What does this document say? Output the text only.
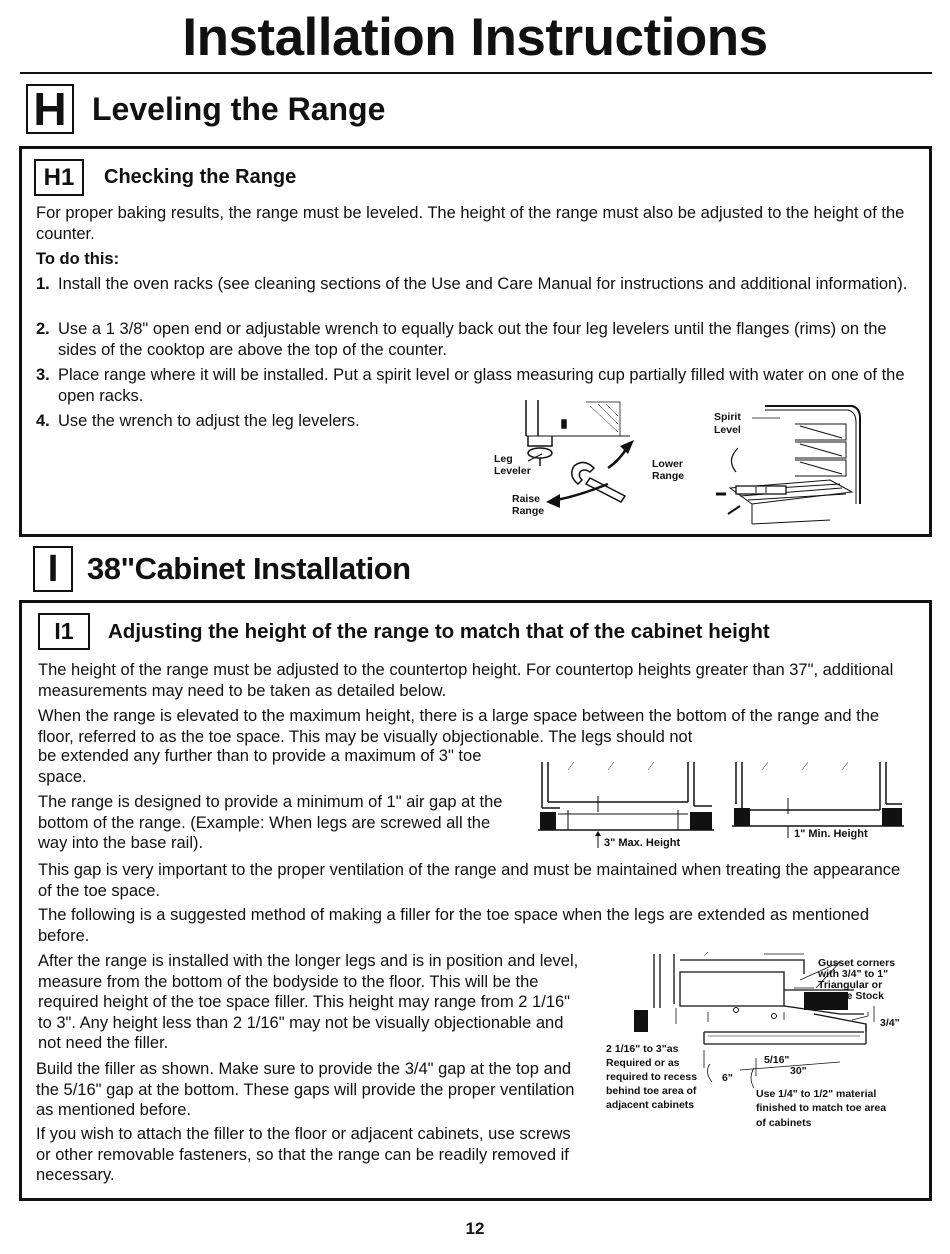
Installation Instructions
H Leveling the Range
H1	Checking the Range
For proper baking results, the range must be leveled. The height of the range must also be adjusted to the height of the counter.
To do this:
1. Install the oven racks (see cleaning sections of the Use and Care Manual for instructions and additional information).
2. Use a 1 3/8" open end or adjustable wrench to equally back out the four leg levelers until the flanges (rims) on the sides of the cooktop are above the top of the counter.
3. Place range where it will be installed. Put a spirit level or glass measuring cup partially filled with water on one of the open racks.
4. Use the wrench to adjust the leg levelers.
Leg
Leveler
Lower
Range
Raise
Range
Spirit
Level
I 38"Cabinet Installation
I1	Adjusting the height of the range to match that of the cabinet height
The height of the range must be adjusted to the countertop height. For countertop heights greater than 37", additional measurements may need to be taken as detailed below.
When the range is elevated to the maximum height, there is a large space between the bottom of the range and the floor, referred to as the toe space. This may be visually objectionable. The legs should not
be extended any further than to provide a maximum of 3" toe space.
The range is designed to provide a minimum of 1" air gap at the bottom of the range. (Example: When legs are screwed all the way into the base rail).	3" Max. Height
1" Min. Height
This gap is very important to the proper ventilation of the range and must be maintained when treating the appearance of the toe space.
The following is a suggested method of making a filler for the toe space when the legs are extended as mentioned before.
After the range is installed with the longer legs and is in position and level, measure from the bottom of the bodyside to the floor. This will be the required height of the toe space filler. This height may range from 2 1/16" to 3". Any height less than 2 1/16" may not be visually objectionable and not need the filler.
Build the filler as shown. Make sure to provide the 3/4" gap at the top and the 5/16" gap at the bottom. These gaps will provide the proper ventilation as mentioned before.
If you wish to attach the filler to the floor or adjacent cabinets, use screws or other removable fasteners, so that the range can be readily removed if necessary.
Gusset corners
with 3/4" to 1"
Triangular or
square Stock
3/4"
2 1/16" to 3"as
Required or as
required to recess
behind toe area of
adjacent cabinets
6"
5/16"
30"
Use 1/4" to 1/2" material
finished to match toe area
of cabinets
12
